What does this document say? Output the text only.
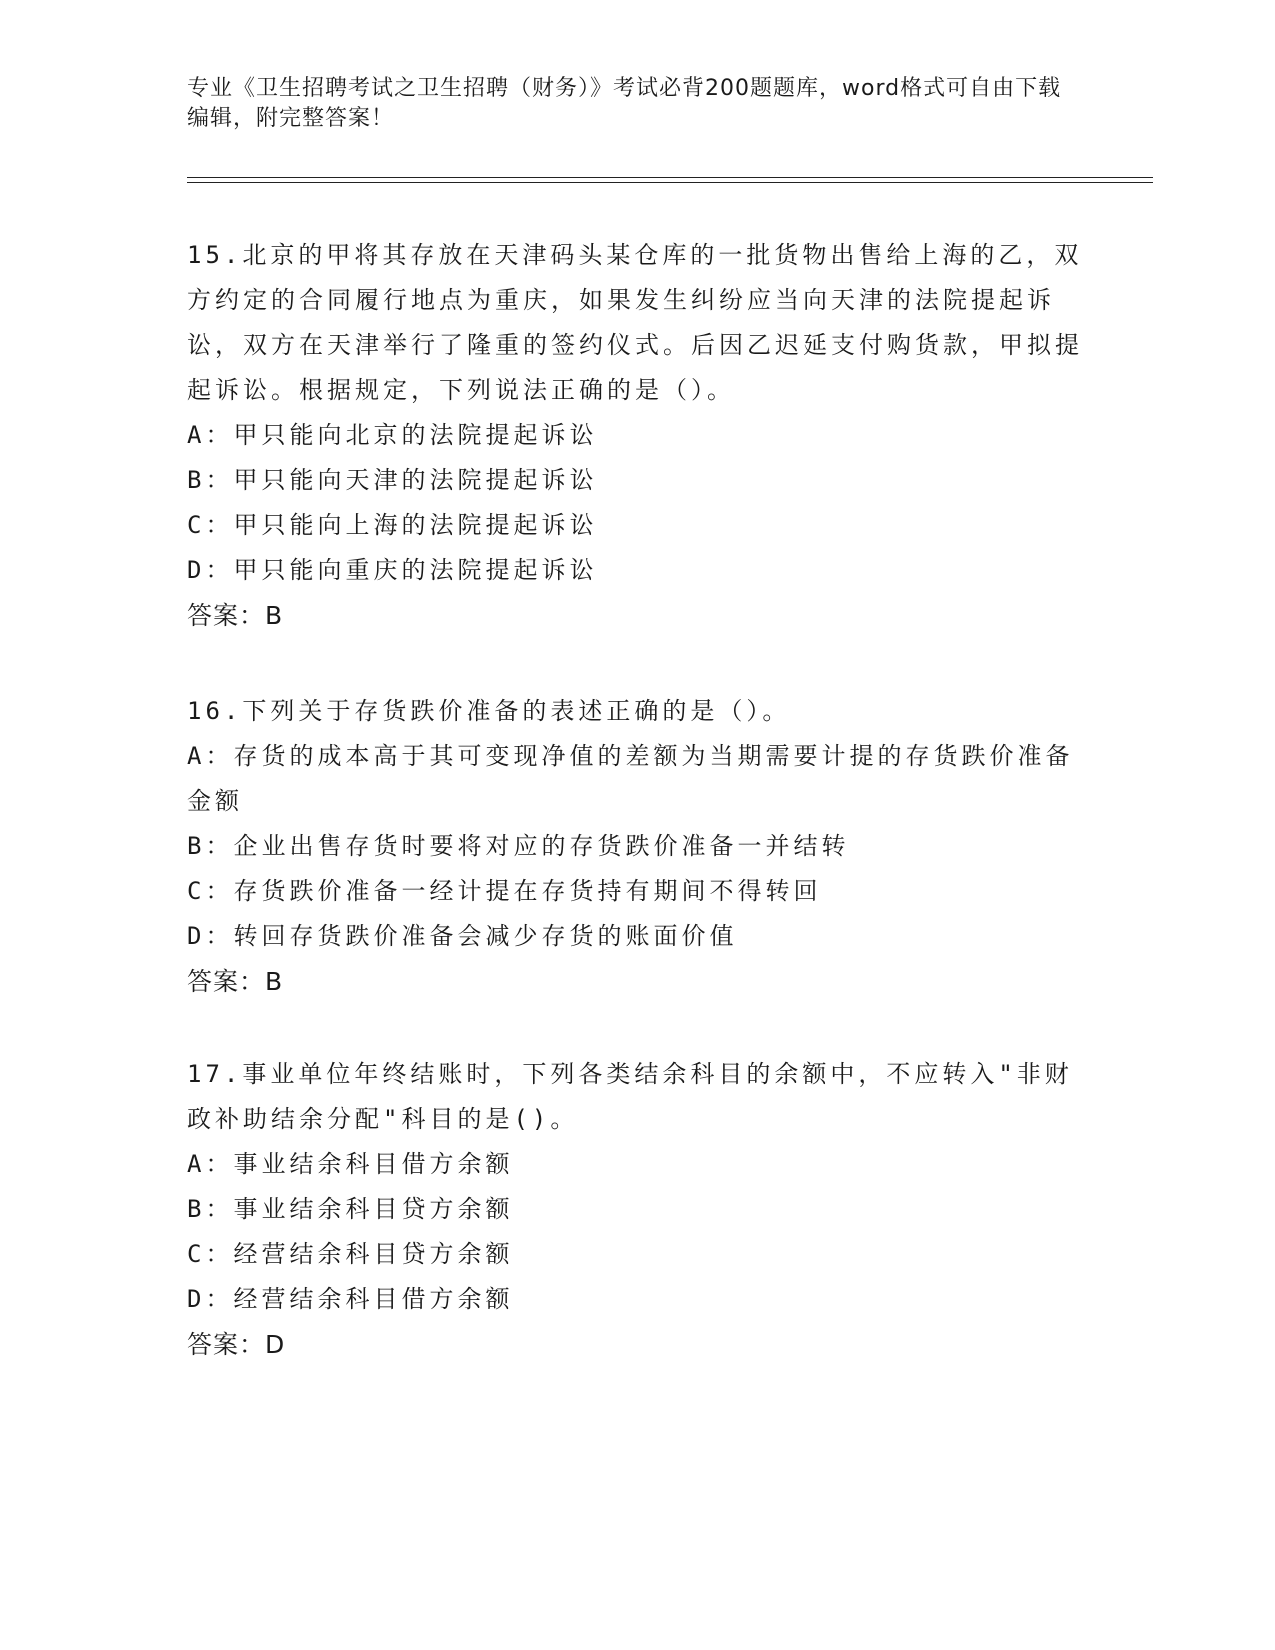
专业《卫生招聘考试之卫生招聘（财务）》考试必背200题题库，word格式可自由下载编辑，附完整答案！

15.北京的甲将其存放在天津码头某仓库的一批货物出售给上海的乙，双方约定的合同履行地点为重庆，如果发生纠纷应当向天津的法院提起诉讼，双方在天津举行了隆重的签约仪式。后因乙迟延支付购货款，甲拟提起诉讼。根据规定，下列说法正确的是（）。

A：甲只能向北京的法院提起诉讼

B：甲只能向天津的法院提起诉讼

C：甲只能向上海的法院提起诉讼

D：甲只能向重庆的法院提起诉讼

答案：B

16.下列关于存货跌价准备的表述正确的是（）。

A：存货的成本高于其可变现净值的差额为当期需要计提的存货跌价准备金额

B：企业出售存货时要将对应的存货跌价准备一并结转

C：存货跌价准备一经计提在存货持有期间不得转回

D：转回存货跌价准备会减少存货的账面价值

答案：B

17.事业单位年终结账时，下列各类结余科目的余额中，不应转入"非财政补助结余分配"科目的是()。

A：事业结余科目借方余额

B：事业结余科目贷方余额

C：经营结余科目贷方余额

D：经营结余科目借方余额

答案：D
